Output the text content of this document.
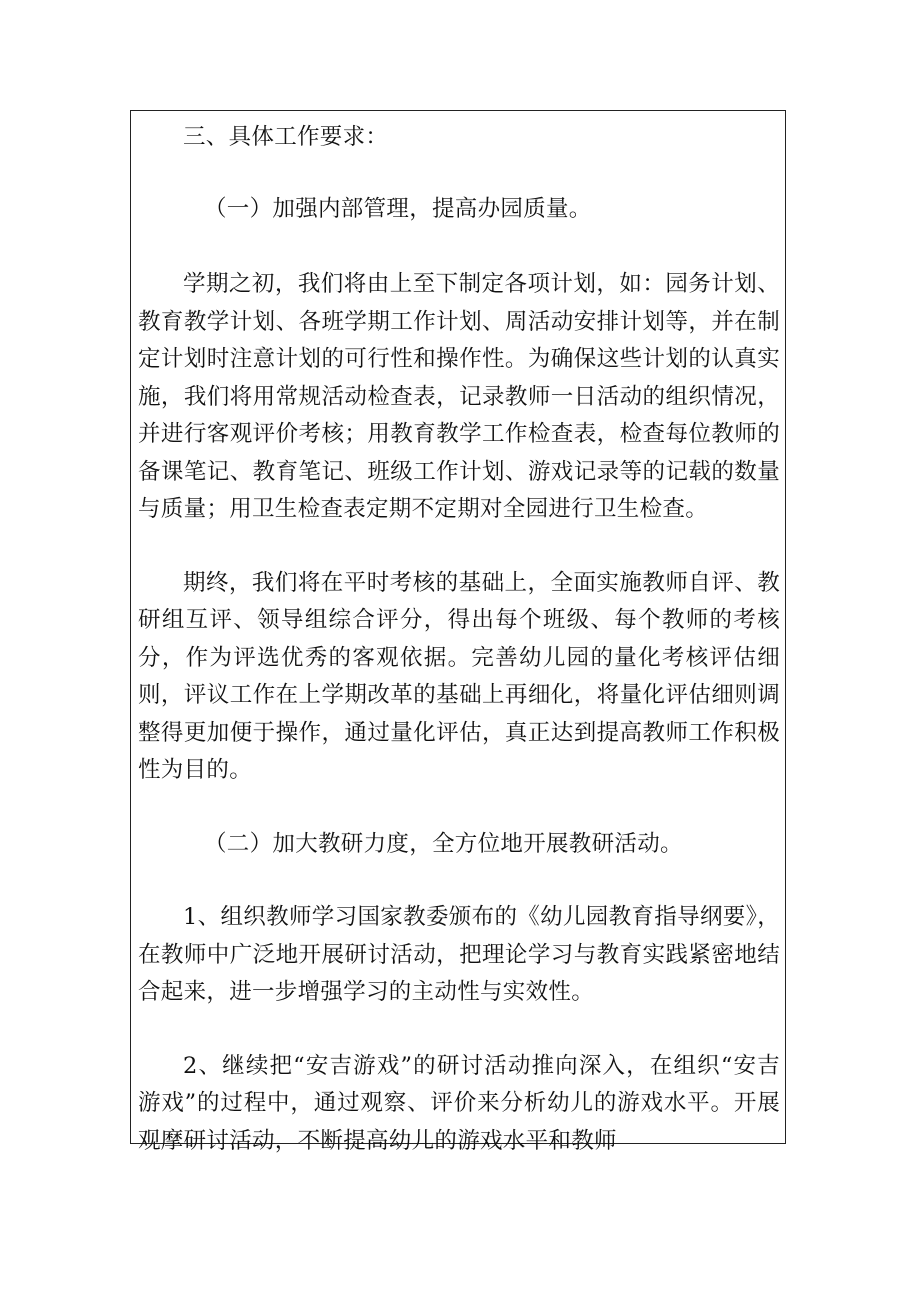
三、具体工作要求：

（一）加强内部管理，提高办园质量。

学期之初，我们将由上至下制定各项计划，如：园务计划、教育教学计划、各班学期工作计划、周活动安排计划等，并在制定计划时注意计划的可行性和操作性。为确保这些计划的认真实施，我们将用常规活动检查表，记录教师一日活动的组织情况，并进行客观评价考核；用教育教学工作检查表，检查每位教师的备课笔记、教育笔记、班级工作计划、游戏记录等的记载的数量与质量；用卫生检查表定期不定期对全园进行卫生检查。

期终，我们将在平时考核的基础上，全面实施教师自评、教研组互评、领导组综合评分，得出每个班级、每个教师的考核分，作为评选优秀的客观依据。完善幼儿园的量化考核评估细则，评议工作在上学期改革的基础上再细化，将量化评估细则调整得更加便于操作，通过量化评估，真正达到提高教师工作积极性为目的。

（二）加大教研力度，全方位地开展教研活动。

1、组织教师学习国家教委颁布的《幼儿园教育指导纲要》，在教师中广泛地开展研讨活动，把理论学习与教育实践紧密地结合起来，进一步增强学习的主动性与实效性。

2、继续把“安吉游戏”的研讨活动推向深入，在组织“安吉游戏”的过程中，通过观察、评价来分析幼儿的游戏水平。开展观摩研讨活动，不断提高幼儿的游戏水平和教师
